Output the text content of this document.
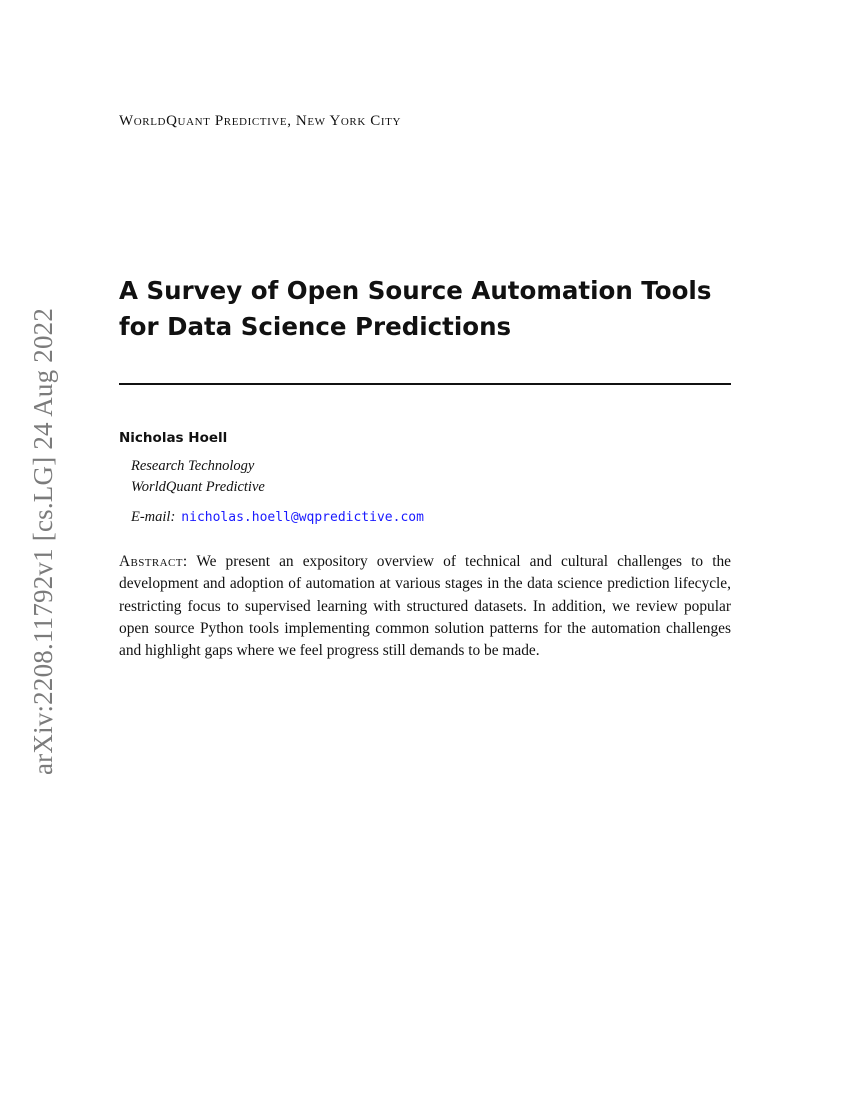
arXiv:2208.11792v1 [cs.LG] 24 Aug 2022
WorldQuant Predictive, New York City
A Survey of Open Source Automation Tools for Data Science Predictions
Nicholas Hoell
Research Technology
WorldQuant Predictive
E-mail: nicholas.hoell@wqpredictive.com

Abstract: We present an expository overview of technical and cultural challenges to the development and adoption of automation at various stages in the data science prediction lifecycle, restricting focus to supervised learning with structured datasets. In addition, we review popular open source Python tools implementing common solution patterns for the automation challenges and highlight gaps where we feel progress still demands to be made.
